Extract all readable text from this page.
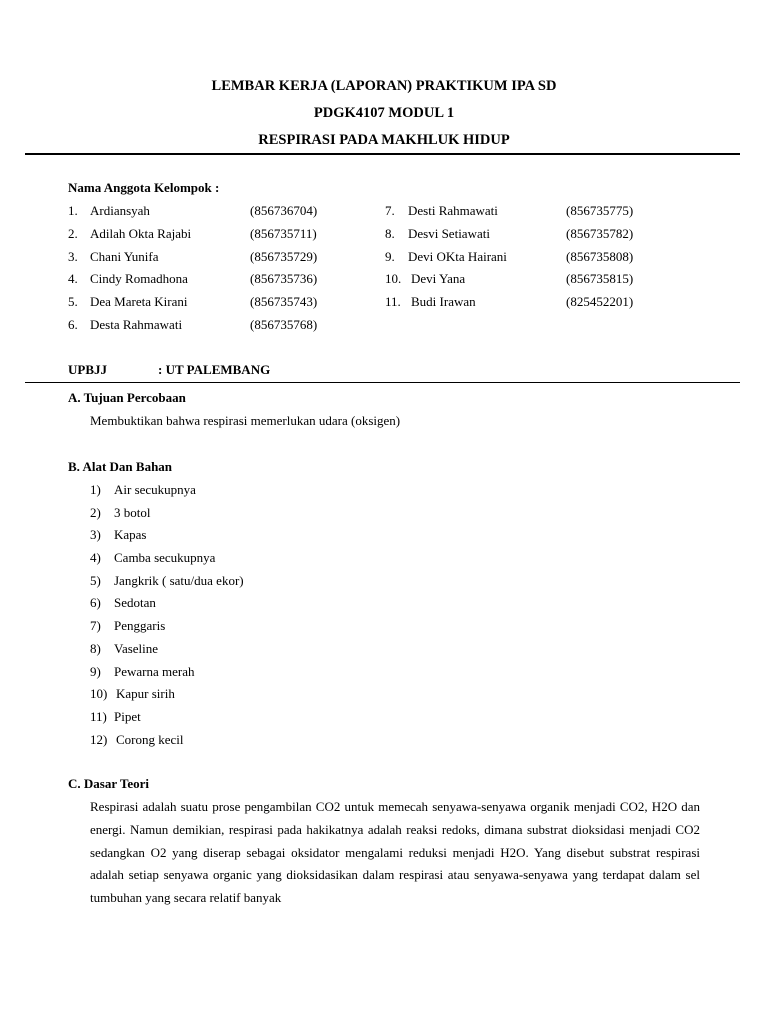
LEMBAR KERJA (LAPORAN) PRAKTIKUM IPA SD
PDGK4107 MODUL 1
RESPIRASI PADA MAKHLUK HIDUP
Nama Anggota Kelompok :
1. Ardiansyah	(856736704)	7. Desti Rahmawati	(856735775)
2. Adilah Okta Rajabi	(856735711)	8. Desvi Setiawati	(856735782)
3. Chani Yunifa	(856735729)	9. Devi OKta Hairani	(856735808)
4. Cindy Romadhona	(856735736)	10. Devi Yana	(856735815)
5. Dea Mareta Kirani	(856735743)	11. Budi Irawan	(825452201)
6. Desta Rahmawati	(856735768)
UPBJJ	: UT PALEMBANG
A. Tujuan Percobaan
Membuktikan bahwa respirasi memerlukan udara (oksigen)
B. Alat Dan Bahan
1)	Air secukupnya
2)	3 botol
3)	Kapas
4)	Camba secukupnya
5)	Jangkrik ( satu/dua ekor)
6)	Sedotan
7)	Penggaris
8)	Vaseline
9)	Pewarna merah
10) Kapur sirih
11) Pipet
12) Corong kecil
C. Dasar Teori
Respirasi adalah suatu prose pengambilan CO2 untuk memecah senyawa-senyawa organik menjadi CO2, H2O dan energi. Namun demikian, respirasi pada hakikatnya adalah reaksi redoks, dimana substrat dioksidasi menjadi CO2 sedangkan O2 yang diserap sebagai oksidator mengalami reduksi menjadi H2O. Yang disebut substrat respirasi adalah setiap senyawa organic yang dioksidasikan dalam respirasi atau senyawa-senyawa yang terdapat dalam sel tumbuhan yang secara relatif banyak
